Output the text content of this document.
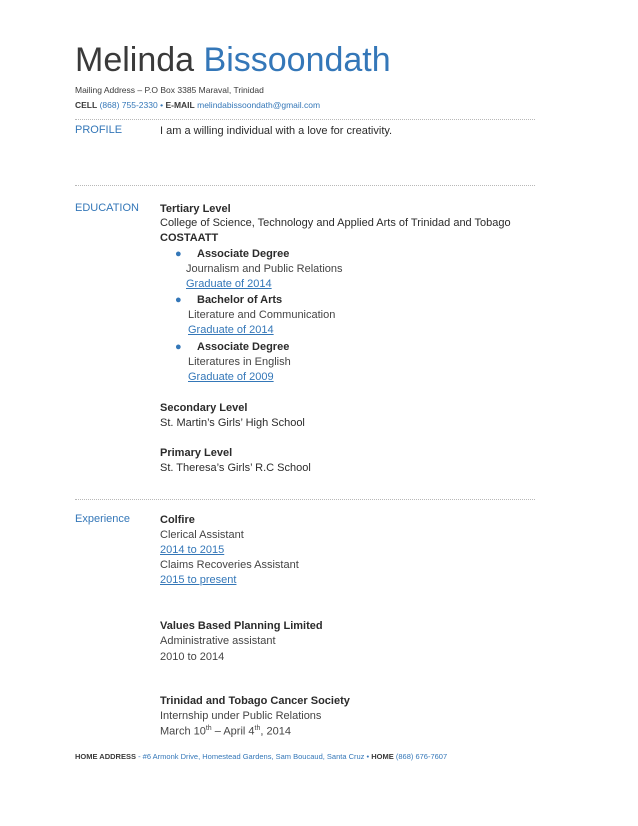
Melinda Bissoondath
Mailing Address – P.O Box 3385 Maraval, Trinidad
CELL (868) 755-2330 • E-MAIL melindabissoondath@gmail.com
PROFILE	I am a willing individual with a love for creativity.
EDUCATION Tertiary Level
College of Science, Technology and Applied Arts of Trinidad and Tobago
COSTAATT
● Associate Degree
Journalism and Public Relations
Graduate of 2014
● Bachelor of Arts
Literature and Communication
Graduate of 2014
● Associate Degree
Literatures in English
Graduate of 2009
Secondary Level
St. Martin’s Girls’ High School
Primary Level
St. Theresa’s Girls’ R.C School
Experience	Colfire
Clerical Assistant
2014 to 2015
Claims Recoveries Assistant
2015 to present
Values Based Planning Limited
Administrative assistant
2010 to 2014
Trinidad and Tobago Cancer Society
Internship under Public Relations
March 10th – April 4th, 2014
HOME ADDRESS - #6 Armonk Drive, Homestead Gardens, Sam Boucaud, Santa Cruz • HOME (868) 676-7607
